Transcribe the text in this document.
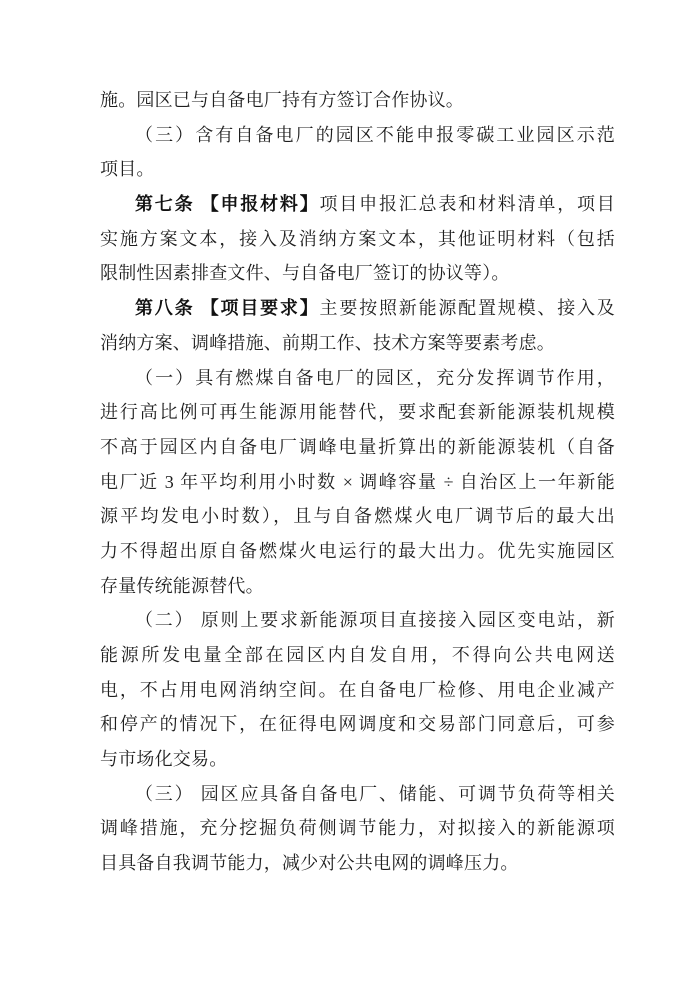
施。园区已与自备电厂持有方签订合作协议。
（三）含有自备电厂的园区不能申报零碳工业园区示范
项目。
第七条 【申报材料】项目申报汇总表和材料清单，项目
实施方案文本，接入及消纳方案文本，其他证明材料（包括
限制性因素排查文件、与自备电厂签订的协议等）。
第八条 【项目要求】主要按照新能源配置规模、接入及
消纳方案、调峰措施、前期工作、技术方案等要素考虑。
（一）具有燃煤自备电厂的园区，充分发挥调节作用，
进行高比例可再生能源用能替代，要求配套新能源装机规模
不高于园区内自备电厂调峰电量折算出的新能源装机（自备
电厂近 3 年平均利用小时数 × 调峰容量 ÷ 自治区上一年新能
源平均发电小时数），且与自备燃煤火电厂调节后的最大出
力不得超出原自备燃煤火电运行的最大出力。优先实施园区
存量传统能源替代。
（二） 原则上要求新能源项目直接接入园区变电站，新
能源所发电量全部在园区内自发自用，不得向公共电网送
电，不占用电网消纳空间。在自备电厂检修、用电企业减产
和停产的情况下，在征得电网调度和交易部门同意后，可参
与市场化交易。
（三） 园区应具备自备电厂、储能、可调节负荷等相关
调峰措施，充分挖掘负荷侧调节能力，对拟接入的新能源项
目具备自我调节能力，减少对公共电网的调峰压力。
